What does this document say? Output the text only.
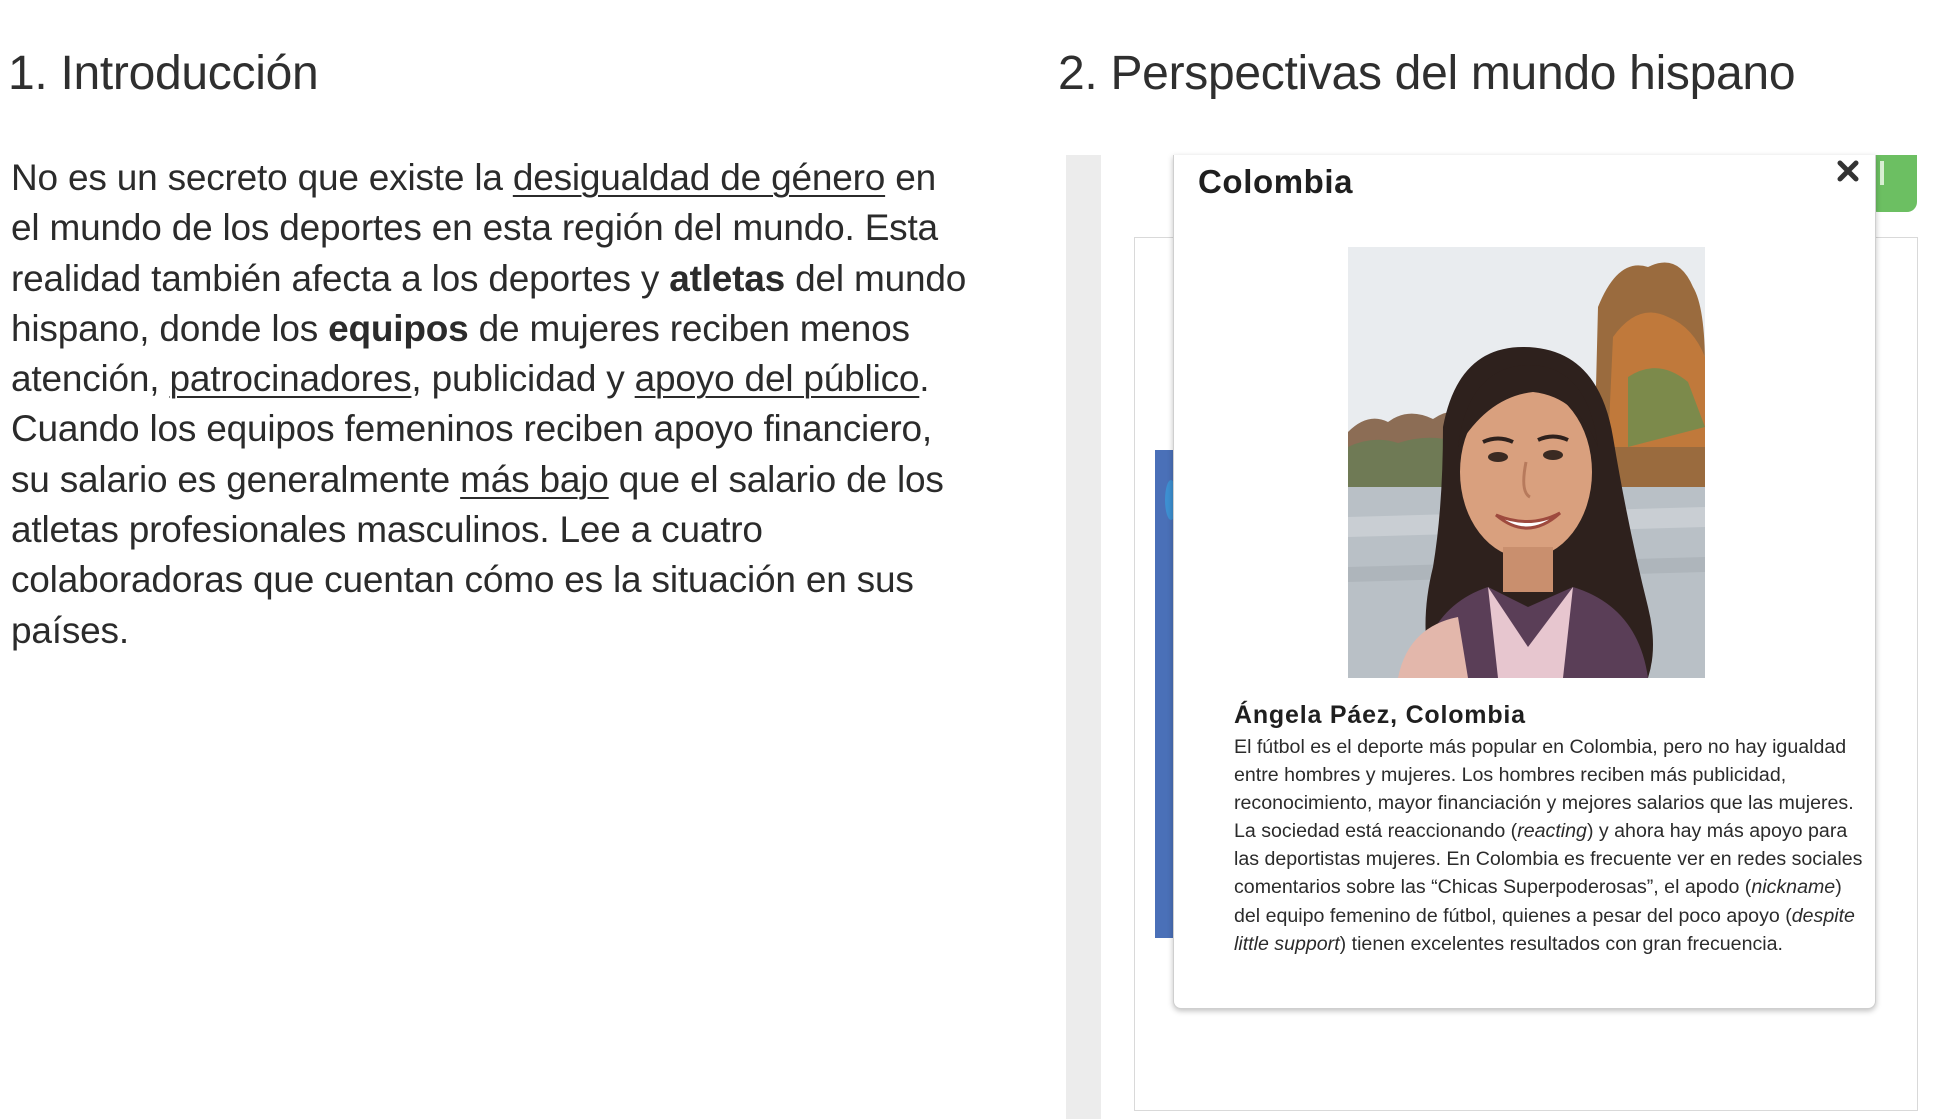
1. Introducción

No es un secreto que existe la desigualdad de género en el mundo de los deportes en esta región del mundo. Esta realidad también afecta a los deportes y atletas del mundo hispano, donde los equipos de mujeres reciben menos atención, patrocinadores, publicidad y apoyo del público. Cuando los equipos femeninos reciben apoyo financiero, su salario es generalmente más bajo que el salario de los atletas profesionales masculinos. Lee a cuatro colaboradoras que cuentan cómo es la situación en sus países.

2. Perspectivas del mundo hispano
Colombia
Ángela Páez, Colombia

El fútbol es el deporte más popular en Colombia, pero no hay igualdad entre hombres y mujeres. Los hombres reciben más publicidad, reconocimiento, mayor financiación y mejores salarios que las mujeres. La sociedad está reaccionando (reacting) y ahora hay más apoyo para las deportistas mujeres. En Colombia es frecuente ver en redes sociales comentarios sobre las “Chicas Superpoderosas”, el apodo (nickname) del equipo femenino de fútbol, quienes a pesar del poco apoyo (despite little support) tienen excelentes resultados con gran frecuencia.
